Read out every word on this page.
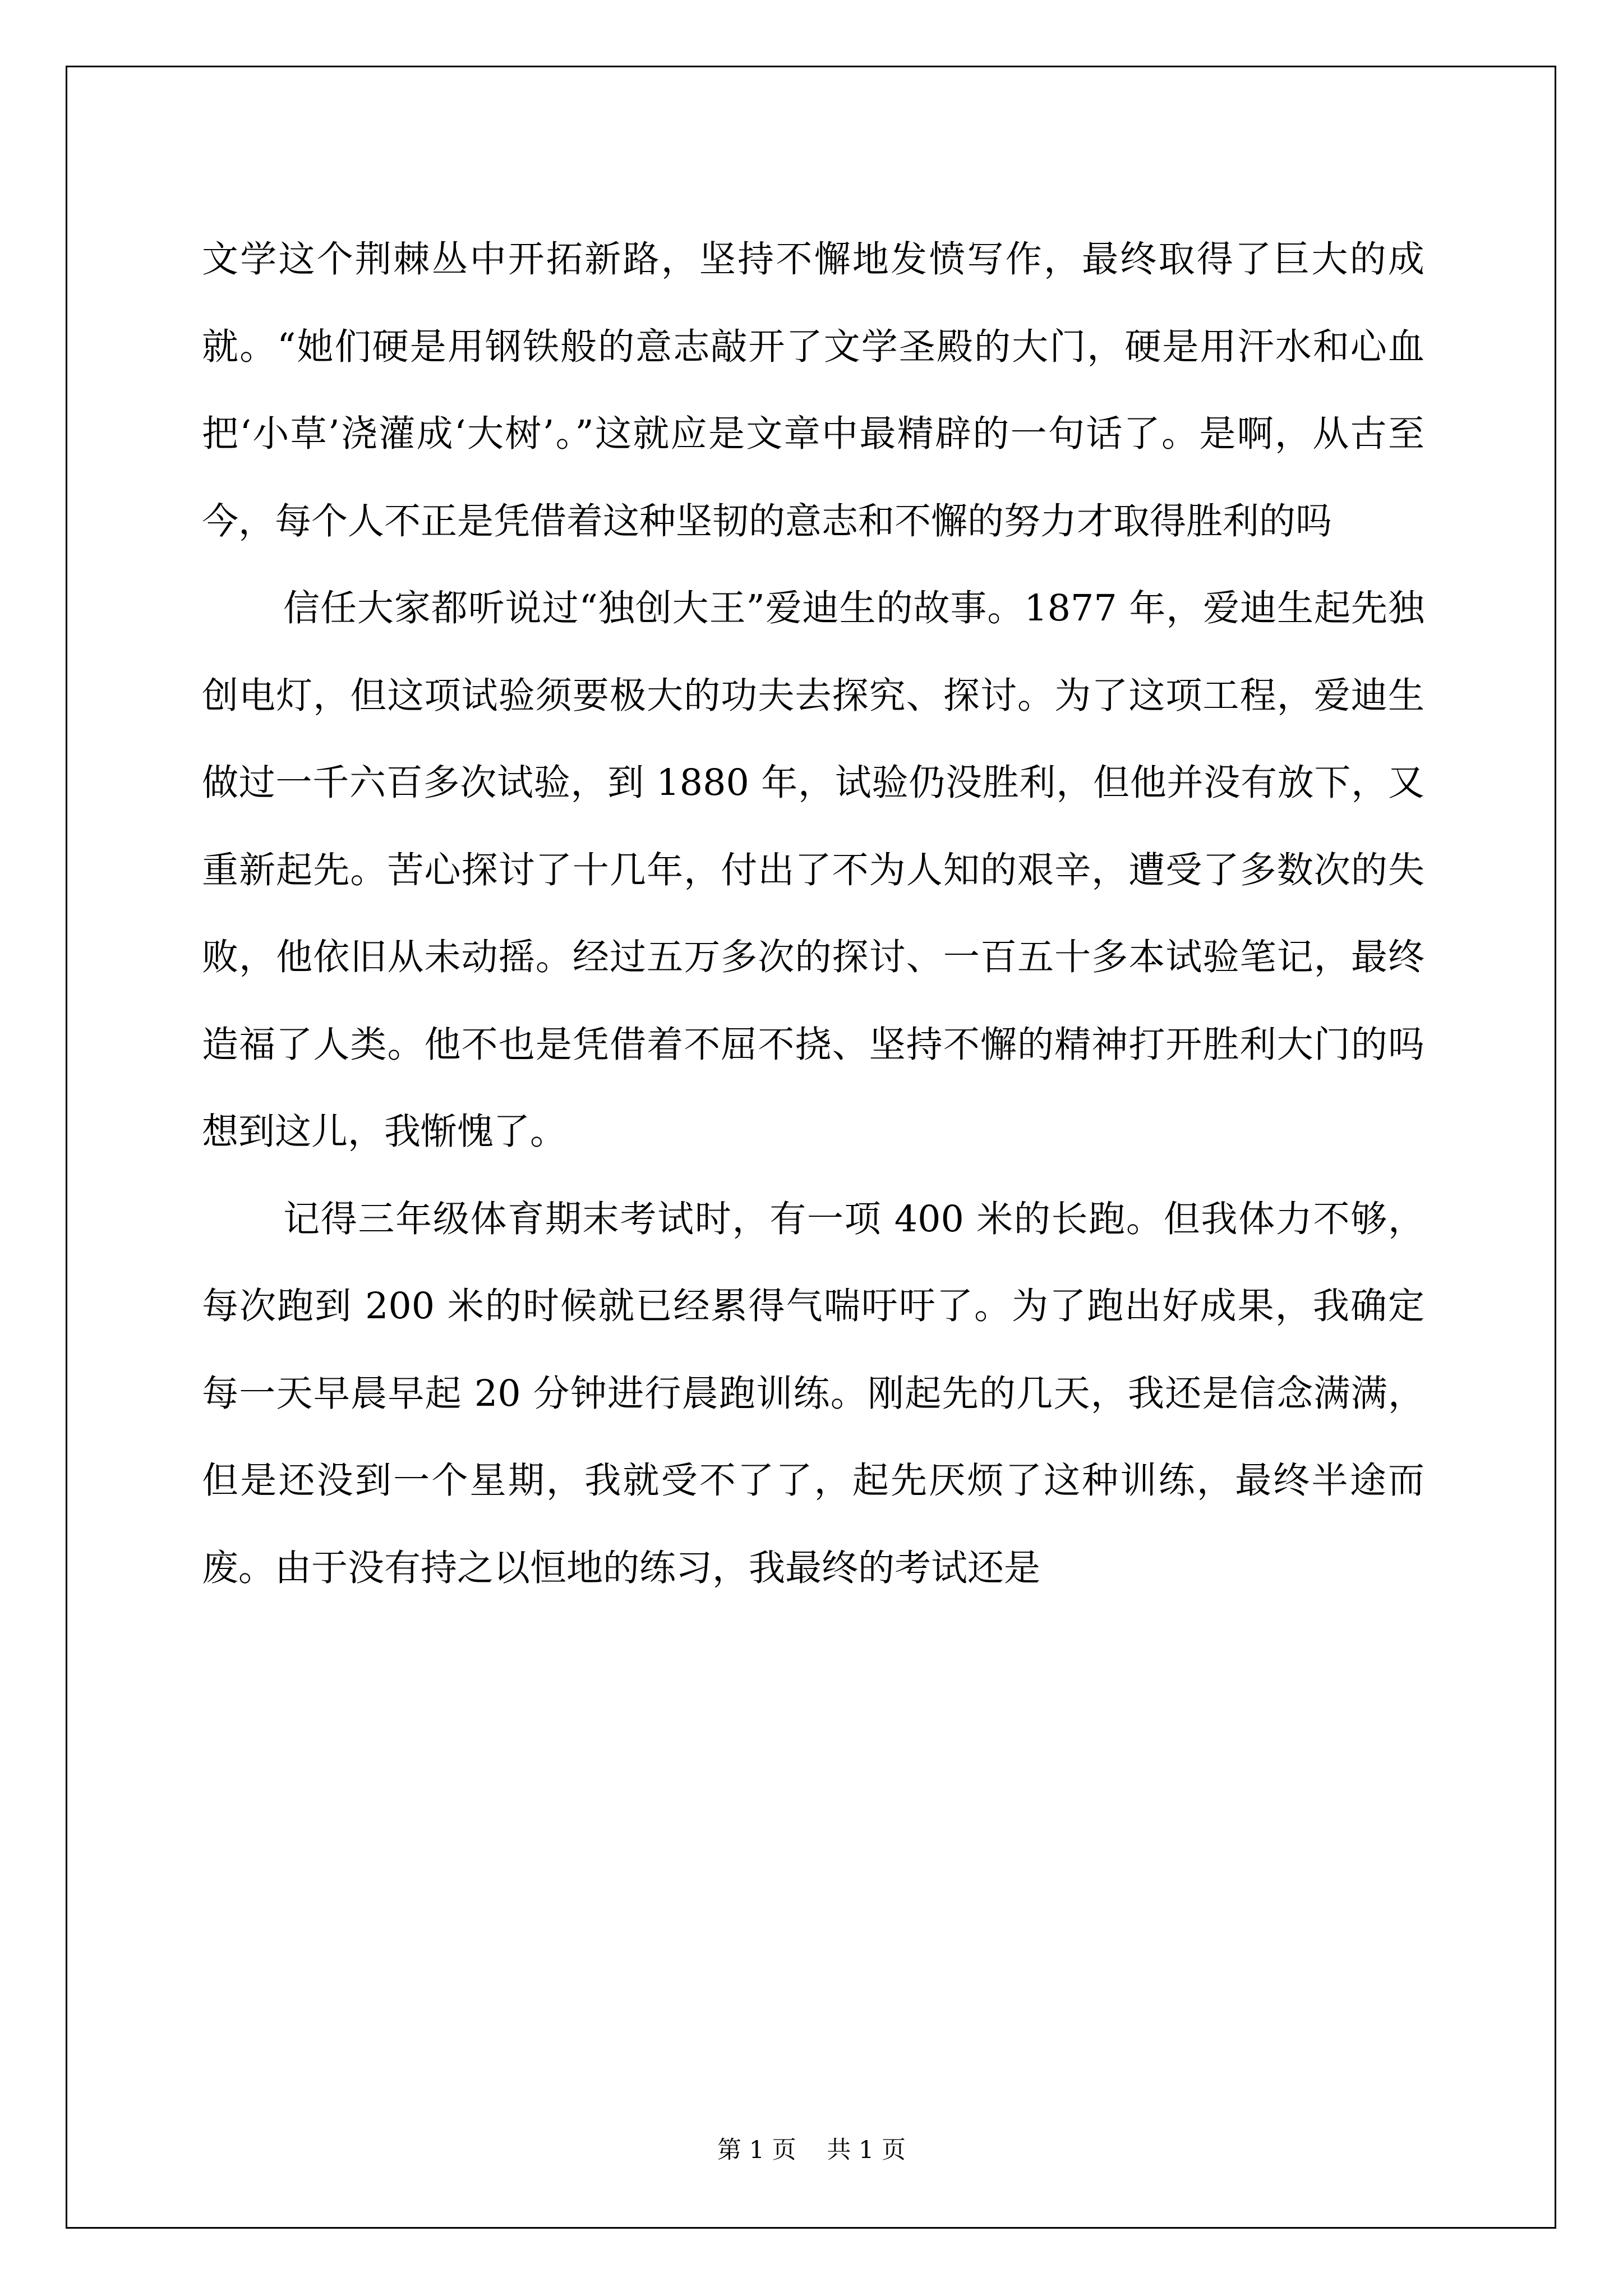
文学这个荆棘丛中开拓新路，坚持不懈地发愤写作，最终取得了巨大的成就。“她们硬是用钢铁般的意志敲开了文学圣殿的大门，硬是用汗水和心血把‘小草’浇灌成‘大树’。”这就应是文章中最精辟的一句话了。是啊，从古至今，每个人不正是凭借着这种坚韧的意志和不懈的努力才取得胜利的吗

信任大家都听说过“独创大王”爱迪生的故事。1877 年，爱迪生起先独创电灯，但这项试验须要极大的功夫去探究、探讨。为了这项工程，爱迪生做过一千六百多次试验，到 1880 年，试验仍没胜利，但他并没有放下，又重新起先。苦心探讨了十几年，付出了不为人知的艰辛，遭受了多数次的失败，他依旧从未动摇。经过五万多次的探讨、一百五十多本试验笔记，最终造福了人类。他不也是凭借着不屈不挠、坚持不懈的精神打开胜利大门的吗想到这儿，我惭愧了。

记得三年级体育期末考试时，有一项 400 米的长跑。但我体力不够，每次跑到 200 米的时候就已经累得气喘吁吁了。为了跑出好成果，我确定每一天早晨早起 20 分钟进行晨跑训练。刚起先的几天，我还是信念满满，但是还没到一个星期，我就受不了了，起先厌烦了这种训练，最终半途而废。由于没有持之以恒地的练习，我最终的考试还是

第 1 页    共 1 页
